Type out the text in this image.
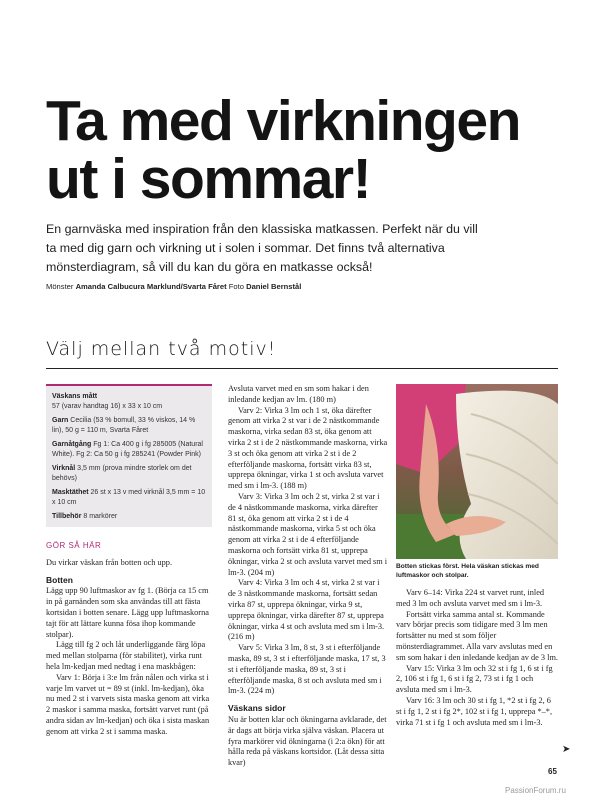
Ta med virkningen
ut i sommar!

En garnväska med inspiration från den klassiska matkassen. Perfekt när du vill
ta med dig garn och virkning ut i solen i sommar. Det finns två alternativa
mönsterdiagram, så vill du kan du göra en matkasse också!

Mönster Amanda Calbucura Marklund/Svarta Fåret Foto Daniel Bernstål
Välj mellan två motiv!
Väskans mått
57 (varav handtag 16) x 33 x 10 cm
Garn Cecilia (53 % bomull, 33 % viskos, 14 % lin), 50 g = 110 m, Svarta Fåret
Garnåtgång Fg 1: Ca 400 g i fg 285005 (Natural White). Fg 2: Ca 50 g i fg 285241 (Powder Pink)
Virknål 3,5 mm (prova mindre storlek om det behövs)
Masktäthet 26 st x 13 v med virknål 3,5 mm = 10 x 10 cm
Tillbehör 8 markörer
GÖR SÅ HÄR

Du virkar väskan från botten och upp.

Botten

Lägg upp 90 luftmaskor av fg 1. (Börja ca 15 cm in på garnänden som ska användas till att fästa kortsidan i botten senare. Lägg upp luftmaskorna tajt för att lättare kunna fösa ihop kommande stolpar).

Lägg till fg 2 och låt underliggande färg löpa med mellan stolparna (för stabilitet), virka runt hela lm-kedjan med nedtag i ena maskbågen:

Varv 1: Börja i 3:e lm från nålen och virka st i varje lm varvet ut = 89 st (inkl. lm-kedjan), öka nu med 2 st i varvets sista maska genom att virka 2 maskor i samma maska, fortsätt varvet runt (på andra sidan av lm-kedjan) och öka i sista maskan genom att virka 2 st i samma maska.

Avsluta varvet med en sm som hakar i den inledande kedjan av lm. (180 m)

Varv 2: Virka 3 lm och 1 st, öka därefter genom att virka 2 st var i de 2 nästkommande maskorna, virka sedan 83 st, öka genom att virka 2 st i de 2 nästkommande maskorna, virka 3 st och öka genom att virka 2 st i de 2 efterföljande maskorna, fortsätt virka 83 st, upprepa ökningar, virka 1 st och avsluta varvet med sm i lm-3. (188 m)

Varv 3: Virka 3 lm och 2 st, virka 2 st var i de 4 nästkommande maskorna, virka därefter 81 st, öka genom att virka 2 st i de 4 nästkommande maskorna, virka 5 st och öka genom att virka 2 st i de 4 efterföljande maskorna och fortsätt virka 81 st, upprepa ökningar, virka 2 st och avsluta varvet med sm i lm-3. (204 m)

Varv 4: Virka 3 lm och 4 st, virka 2 st var i de 3 nästkommande maskorna, fortsätt sedan virka 87 st, upprepa ökningar, virka 9 st, upprepa ökningar, virka därefter 87 st, upprepa ökningar, virka 4 st och avsluta med sm i lm-3. (216 m)

Varv 5: Virka 3 lm, 8 st, 3 st i efterföljande maska, 89 st, 3 st i efterföljande maska, 17 st, 3 st i efterföljande maska, 89 st, 3 st i efterföljande maska, 8 st och avsluta med sm i lm-3. (224 m)

Väskans sidor

Nu är botten klar och ökningarna avklarade, det är dags att börja virka själva väskan. Placera ut fyra markörer vid ökningarna (i 2:a ökn) för att hålla reda på väskans kortsidor. (Låt dessa sitta kvar)

Botten stickas först. Hela väskan stickas med luftmaskor och stolpar.

Varv 6–14: Virka 224 st varvet runt, inled med 3 lm och avsluta varvet med sm i lm-3.

Fortsätt virka samma antal st. Kommande varv börjar precis som tidigare med 3 lm men fortsätter nu med st som följer mönsterdiagrammet. Alla varv avslutas med en sm som hakar i den inledande kedjan av de 3 lm.

Varv 15: Virka 3 lm och 32 st i fg 1, 6 st i fg 2, 106 st i fg 1, 6 st i fg 2, 73 st i fg 1 och avsluta med sm i lm-3.

Varv 16: 3 lm och 30 st i fg 1, *2 st i fg 2, 6 st i fg 1, 2 st i fg 2*, 102 st i fg 1, upprepa *–*, virka 71 st i fg 1 och avsluta med sm i lm-3.

➤
65
PassionForum.ru
